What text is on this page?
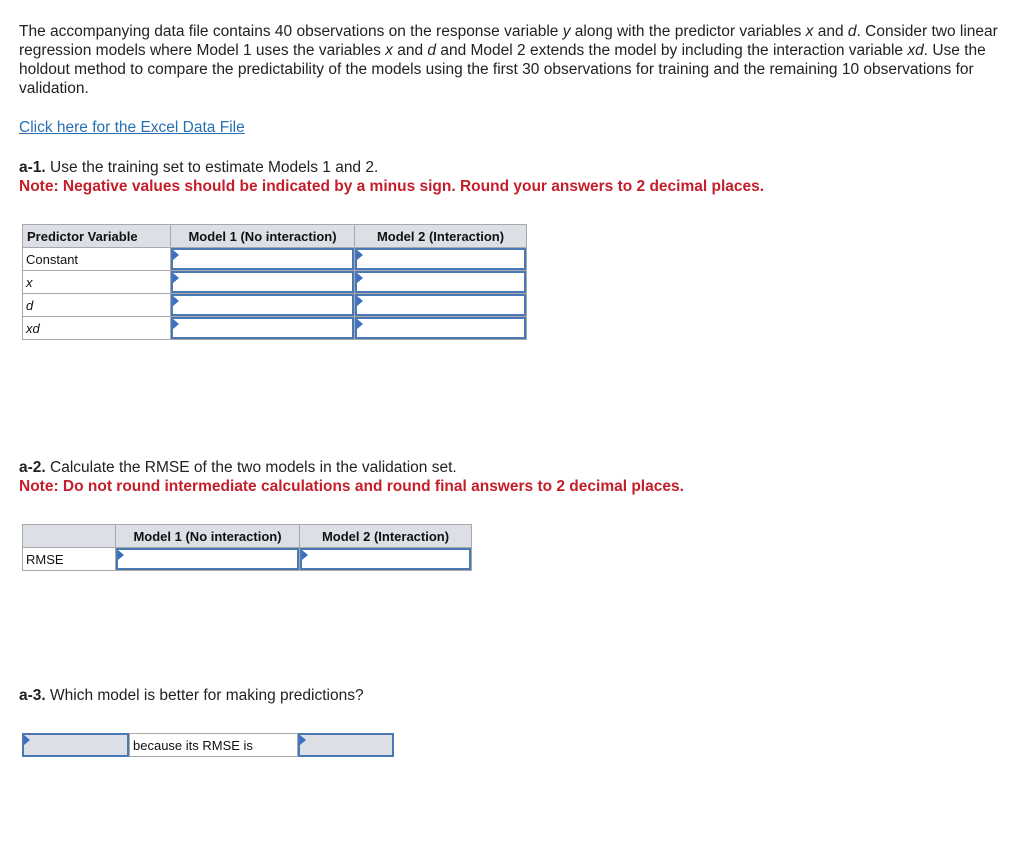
The accompanying data file contains 40 observations on the response variable y along with the predictor variables x and d. Consider two linear regression models where Model 1 uses the variables x and d and Model 2 extends the model by including the interaction variable xd. Use the holdout method to compare the predictability of the models using the first 30 observations for training and the remaining 10 observations for validation.

Click here for the Excel Data File
a-1. Use the training set to estimate Models 1 and 2.
Note: Negative values should be indicated by a minus sign. Round your answers to 2 decimal places.
Predictor Variable	Model 1 (No interaction)	Model 2 (Interaction)
Constant	

x	

d	

xd	

a-2. Calculate the RMSE of the two models in the validation set.
Note: Do not round intermediate calculations and round final answers to 2 decimal places.
	Model 1 (No interaction)	Model 2 (Interaction)
RMSE	

a-3. Which model is better for making predictions?
because its RMSE is
